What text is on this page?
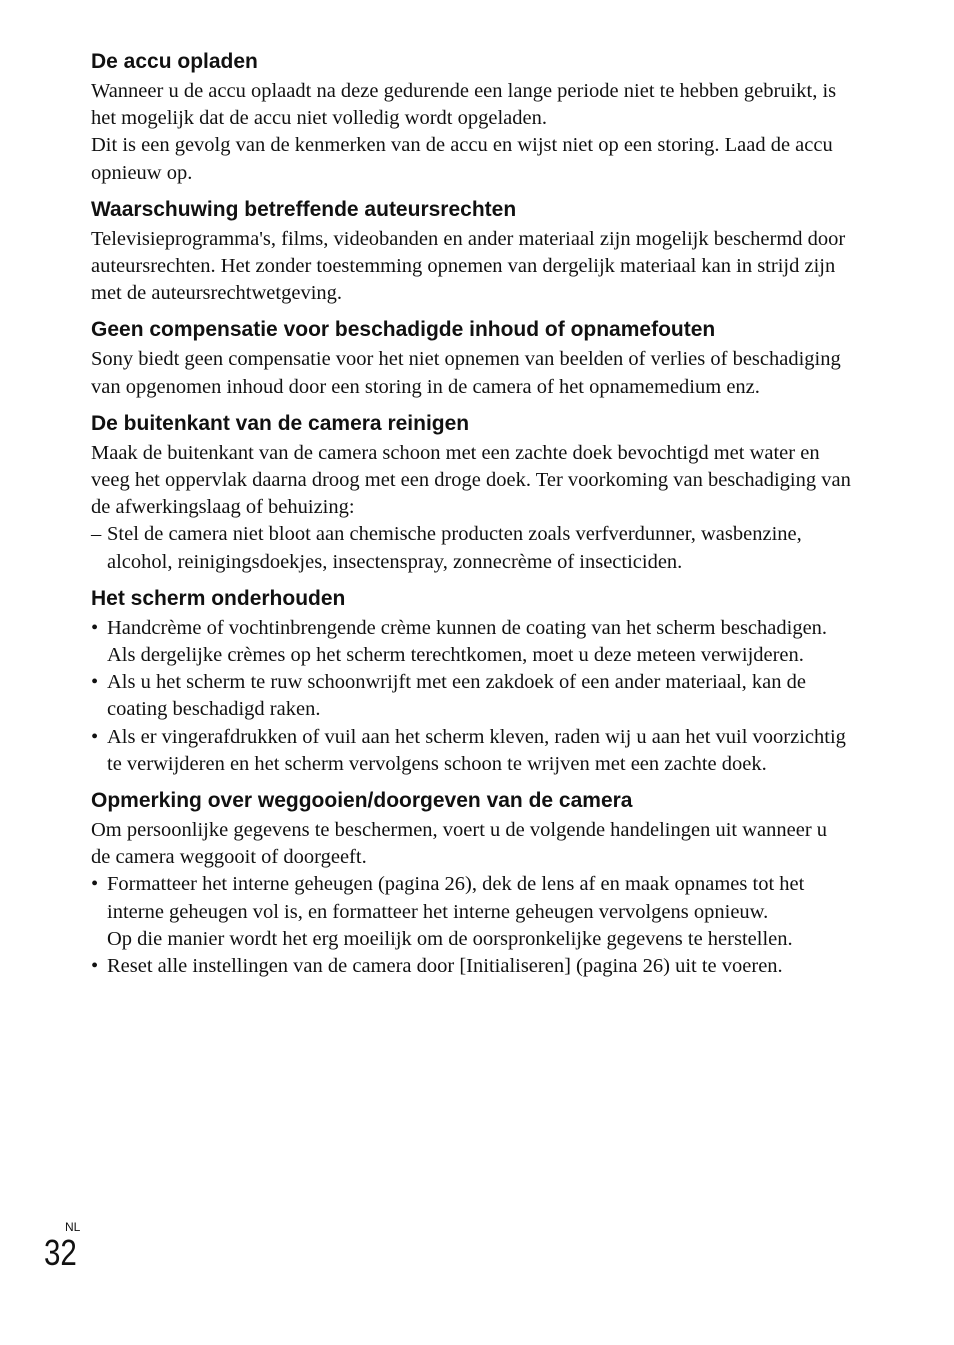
De accu opladen

Wanneer u de accu oplaadt na deze gedurende een lange periode niet te hebben gebruikt, is het mogelijk dat de accu niet volledig wordt opgeladen.

Dit is een gevolg van de kenmerken van de accu en wijst niet op een storing. Laad de accu opnieuw op.

Waarschuwing betreffende auteursrechten

Televisieprogramma's, films, videobanden en ander materiaal zijn mogelijk beschermd door auteursrechten. Het zonder toestemming opnemen van dergelijk materiaal kan in strijd zijn met de auteursrechtwetgeving.

Geen compensatie voor beschadigde inhoud of opnamefouten

Sony biedt geen compensatie voor het niet opnemen van beelden of verlies of beschadiging van opgenomen inhoud door een storing in de camera of het opnamemedium enz.

De buitenkant van de camera reinigen

Maak de buitenkant van de camera schoon met een zachte doek bevochtigd met water en veeg het oppervlak daarna droog met een droge doek. Ter voorkoming van beschadiging van de afwerkingslaag of behuizing:

– Stel de camera niet bloot aan chemische producten zoals verfverdunner, wasbenzine, alcohol, reinigingsdoekjes, insectenspray, zonnecrème of insecticiden.
Het scherm onderhouden
• Handcrème of vochtinbrengende crème kunnen de coating van het scherm beschadigen. Als dergelijke crèmes op het scherm terechtkomen, moet u deze meteen verwijderen.
• Als u het scherm te ruw schoonwrijft met een zakdoek of een ander materiaal, kan de coating beschadigd raken.
• Als er vingerafdrukken of vuil aan het scherm kleven, raden wij u aan het vuil voorzichtig te verwijderen en het scherm vervolgens schoon te wrijven met een zachte doek.
Opmerking over weggooien/doorgeven van de camera

Om persoonlijke gegevens te beschermen, voert u de volgende handelingen uit wanneer u de camera weggooit of doorgeeft.

• Formatteer het interne geheugen (pagina 26), dek de lens af en maak opnames tot het interne geheugen vol is, en formatteer het interne geheugen vervolgens opnieuw.
Op die manier wordt het erg moeilijk om de oorspronkelijke gegevens te herstellen.
• Reset alle instellingen van de camera door [Initialiseren] (pagina 26) uit te voeren.
NL
32
